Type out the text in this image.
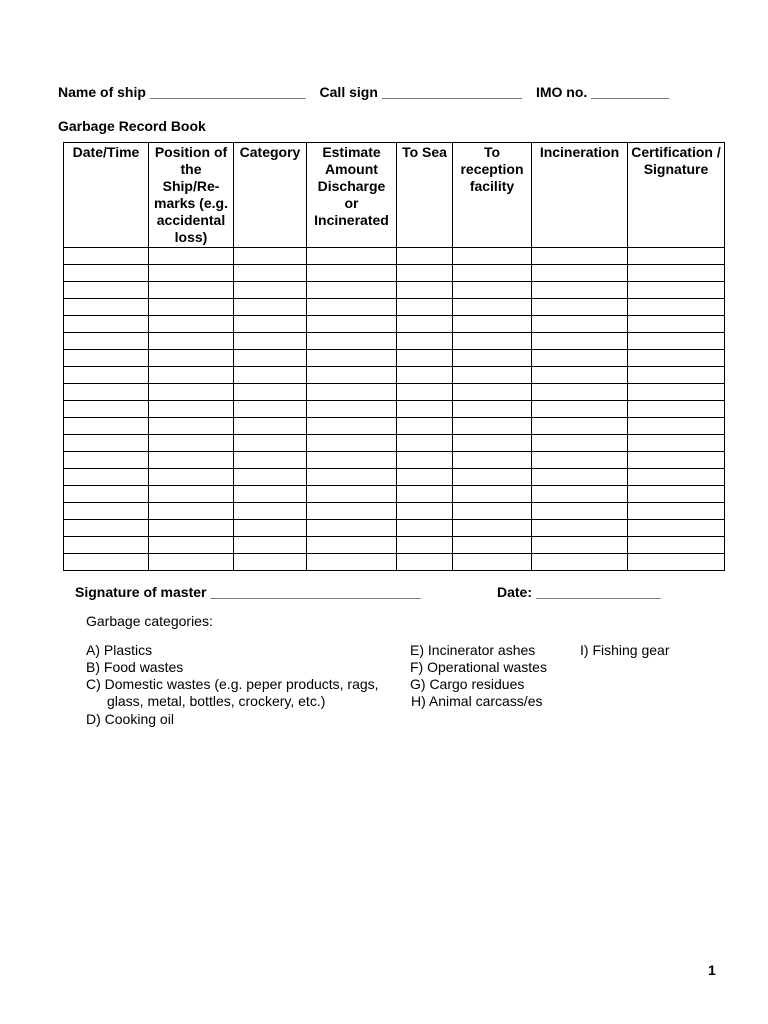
Name of ship ____________________ Call sign __________________ IMO no. __________
Garbage Record Book
Date/Time	Position of the Ship/Re-marks (e.g. accidental loss)	Category	Estimate Amount Discharge or Incinerated	To Sea	To reception facility	Incineration	Certification / Signature

Signature of master ___________________________	Date: ________________
Garbage categories:
A) Plastics
B) Food wastes
C) Domestic wastes (e.g. peper products, rags,
glass, metal, bottles, crockery, etc.)
D) Cooking oil
E) Incinerator ashes
F) Operational wastes
G) Cargo residues
H) Animal carcass/es
I) Fishing gear
1
